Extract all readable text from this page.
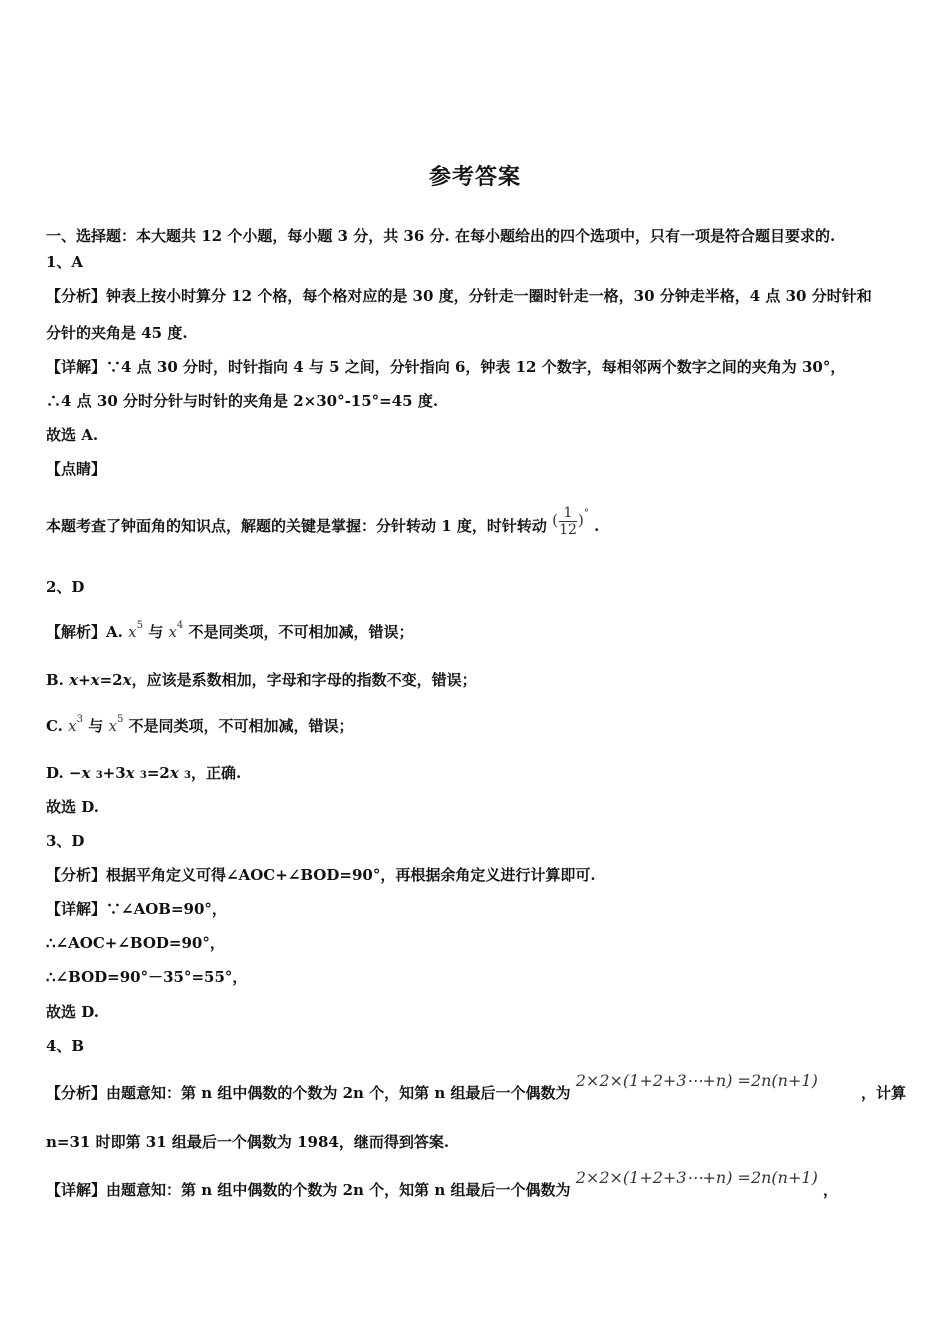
参考答案
一、选择题：本大题共 12 个小题，每小题 3 分，共 36 分. 在每小题给出的四个选项中，只有一项是符合题目要求的.
1、A
【分析】钟表上按小时算分 12 个格，每个格对应的是 30 度，分针走一圈时针走一格，30 分钟走半格，4 点 30 分时针和
分针的夹角是 45 度.
【详解】∵4 点 30 分时，时针指向 4 与 5 之间，分针指向 6，钟表 12 个数字，每相邻两个数字之间的夹角为 30°，
∴4 点 30 分时分针与时针的夹角是 2×30°-15°=45 度.
故选 A.
【点睛】
本题考查了钟面角的知识点，解题的关键是掌握：分针转动 1 度，时针转动 ( $\frac{1}{12} )^\circ$ .
2、D
【解析】A. $x^5$ 与 $x^4$ 不是同类项，不可相加减，错误；
B. x+x=2x，应该是系数相加，字母和字母的指数不变，错误；
C. $x^3$ 与 $x^5$ 不是同类项，不可相加减，错误；
D. −x 3+3x 3=2x 3，正确.
故选 D.
3、D
【分析】根据平角定义可得∠AOC+∠BOD=90°，再根据余角定义进行计算即可.
【详解】∵∠AOB=90°，
∴∠AOC+∠BOD=90°，
∴∠BOD=90°－35°=55°，
故选 D.
4、B
【分析】由题意知：第 n 组中偶数的个数为 2n 个，知第 n 组最后一个偶数为 2×2×(1+2+3⋯+n) =2n(n+1)
，计算
n=31 时即第 31 组最后一个偶数为 1984，继而得到答案.
【详解】由题意知：第 n 组中偶数的个数为 2n 个，知第 n 组最后一个偶数为 2×2×(1+2+3⋯+n) =2n(n+1) ，
